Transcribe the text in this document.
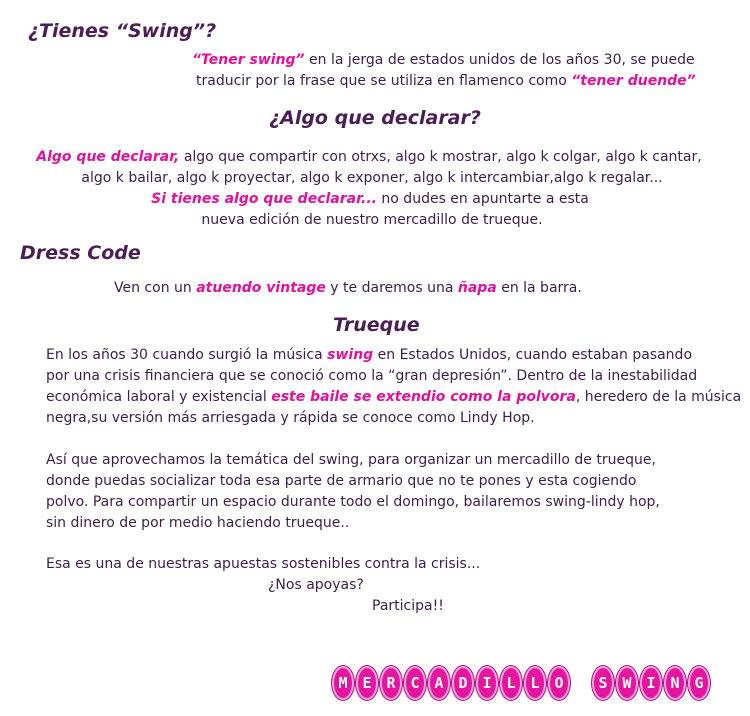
¿Tienes “Swing”?
“Tener swing” en la jerga de estados unidos de los años 30, se puede
traducir por la frase que se utiliza en flamenco como “tener duende”
¿Algo que declarar?
Algo que declarar, algo que compartir con otrxs, algo k mostrar, algo k colgar, algo k cantar,
algo k bailar, algo k proyectar, algo k exponer, algo k intercambiar,algo k regalar...
Si tienes algo que declarar... no dudes en apuntarte a esta
nueva edición de nuestro mercadillo de trueque.
Dress Code
Ven con un atuendo vintage y te daremos una ñapa en la barra.
Trueque
En los años 30 cuando surgió la música swing en Estados Unidos, cuando estaban pasando
por una crisis financiera que se conoció como la “gran depresión”. Dentro de la inestabilidad
económica laboral y existencial este baile se extendio como la polvora, heredero de la música
negra,su versión más arriesgada y rápida se conoce como Lindy Hop.
Así que aprovechamos la temática del swing, para organizar un mercadillo de trueque,
donde puedas socializar toda esa parte de armario que no te pones y esta cogiendo
polvo. Para compartir un espacio durante todo el domingo, bailaremos swing-lindy hop,
sin dinero de por medio haciendo trueque..
Esa es una de nuestras apuestas sostenibles contra la crisis...
¿Nos apoyas?
Participa!!
M E R C A D I L L O	S W I N G
